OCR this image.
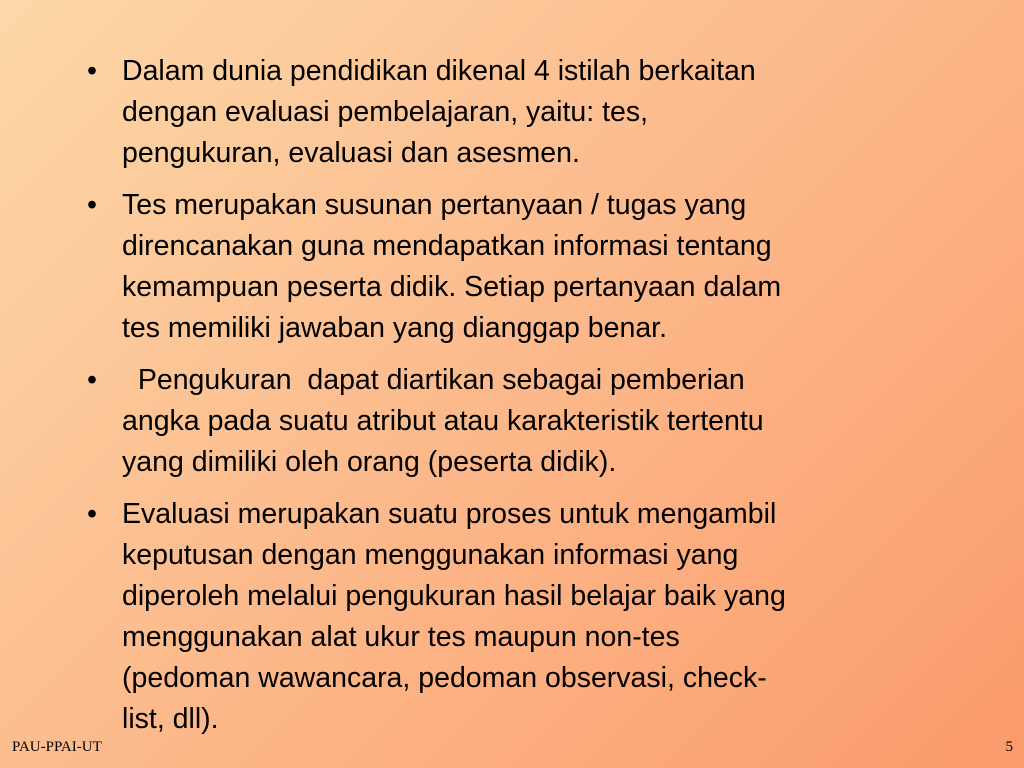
• Dalam dunia pendidikan dikenal 4 istilah berkaitan
dengan evaluasi pembelajaran, yaitu: tes,
pengukuran, evaluasi dan asesmen.
• Tes merupakan susunan pertanyaan / tugas yang
direncanakan guna mendapatkan informasi tentang
kemampuan peserta didik. Setiap pertanyaan dalam
tes memiliki jawaban yang dianggap benar.
• Pengukuran  dapat diartikan sebagai pemberian
angka pada suatu atribut atau karakteristik tertentu
yang dimiliki oleh orang (peserta didik).
• Evaluasi merupakan suatu proses untuk mengambil
keputusan dengan menggunakan informasi yang
diperoleh melalui pengukuran hasil belajar baik yang
menggunakan alat ukur tes maupun non-tes
(pedoman wawancara, pedoman observasi, check-
list, dll).
PAU-PPAI-UT	5
